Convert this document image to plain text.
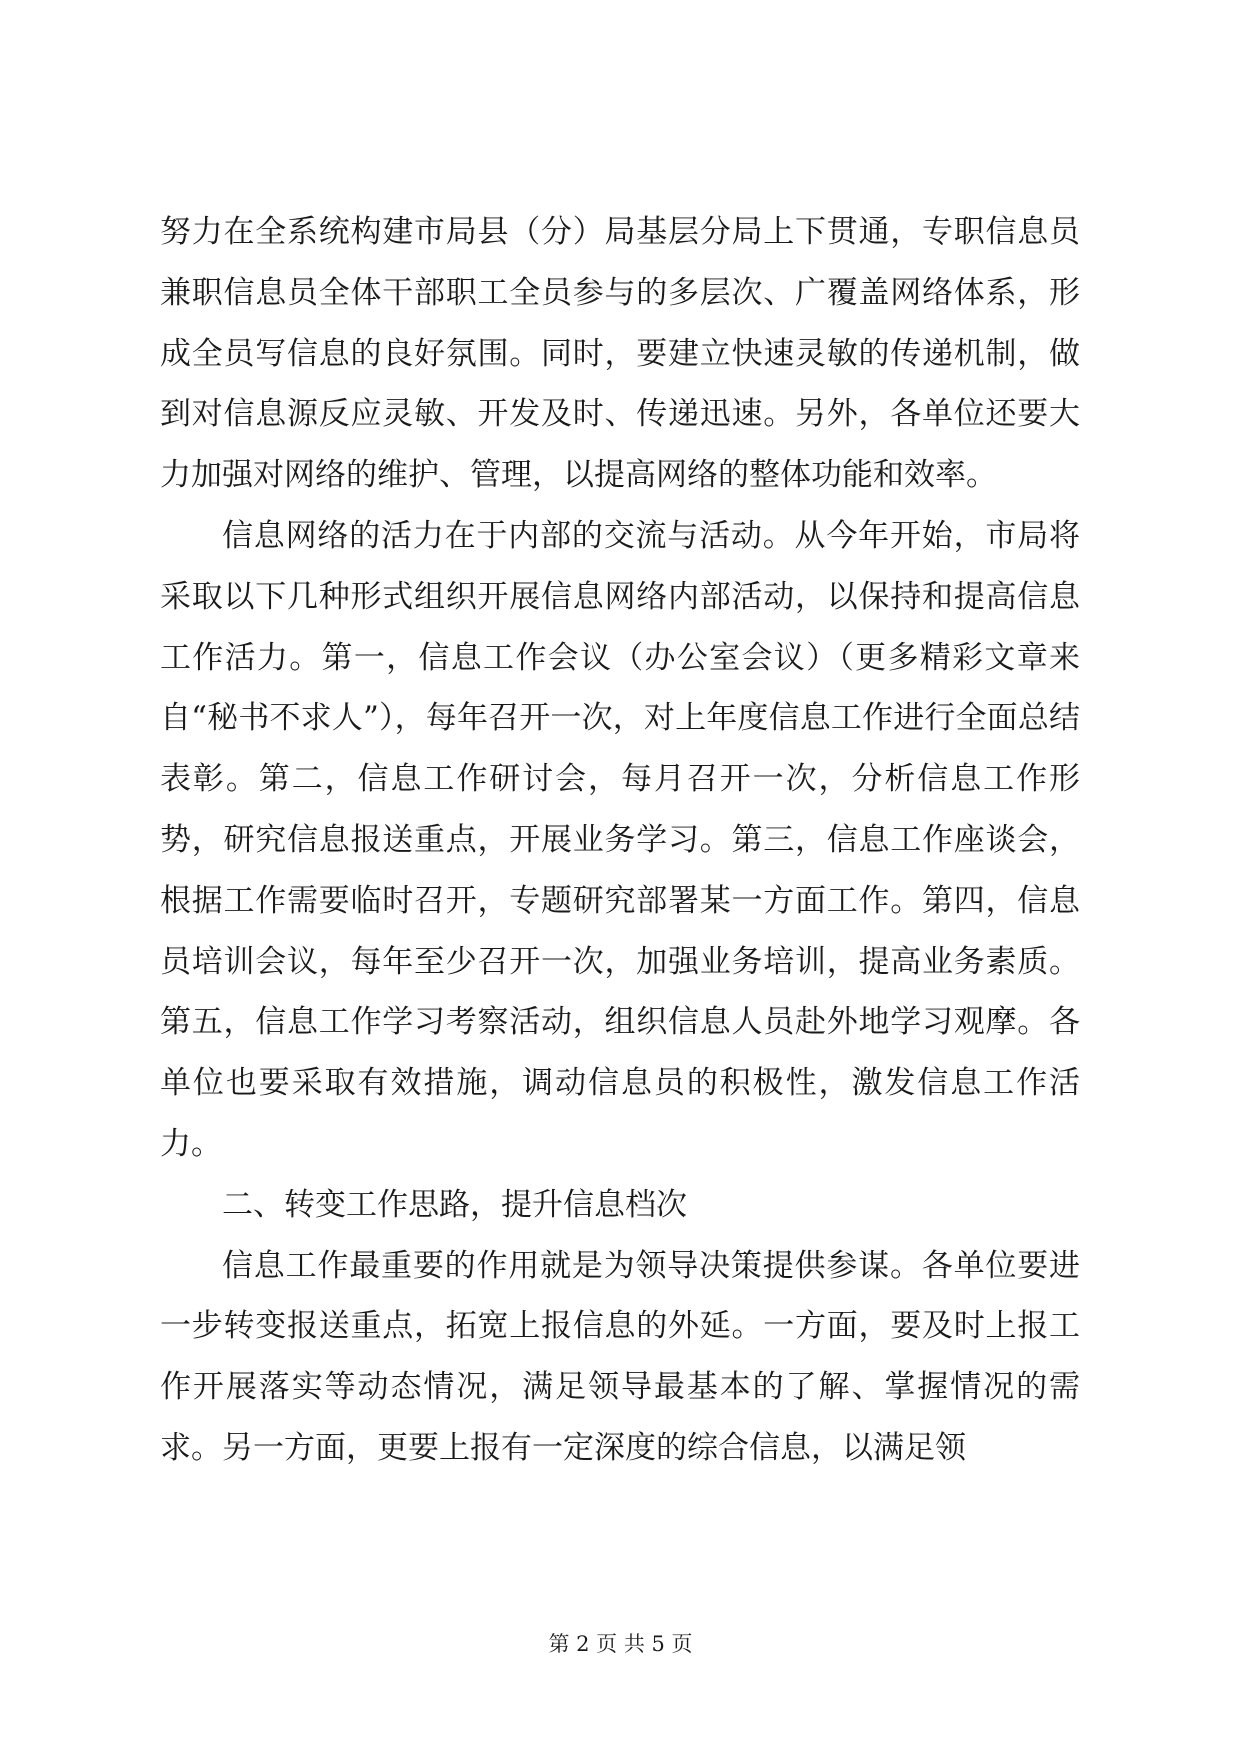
努力在全系统构建市局县（分）局基层分局上下贯通，专职信息员兼职信息员全体干部职工全员参与的多层次、广覆盖网络体系，形成全员写信息的良好氛围。同时，要建立快速灵敏的传递机制，做到对信息源反应灵敏、开发及时、传递迅速。另外，各单位还要大力加强对网络的维护、管理，以提高网络的整体功能和效率。

信息网络的活力在于内部的交流与活动。从今年开始，市局将采取以下几种形式组织开展信息网络内部活动，以保持和提高信息工作活力。第一，信息工作会议（办公室会议）（更多精彩文章来自“秘书不求人”），每年召开一次，对上年度信息工作进行全面总结表彰。第二，信息工作研讨会，每月召开一次，分析信息工作形势，研究信息报送重点，开展业务学习。第三，信息工作座谈会，根据工作需要临时召开，专题研究部署某一方面工作。第四，信息员培训会议，每年至少召开一次，加强业务培训，提高业务素质。第五，信息工作学习考察活动，组织信息人员赴外地学习观摩。各单位也要采取有效措施，调动信息员的积极性，激发信息工作活力。

二、转变工作思路，提升信息档次

信息工作最重要的作用就是为领导决策提供参谋。各单位要进一步转变报送重点，拓宽上报信息的外延。一方面，要及时上报工作开展落实等动态情况，满足领导最基本的了解、掌握情况的需求。另一方面，更要上报有一定深度的综合信息，以满足领

第 2 页 共 5 页
